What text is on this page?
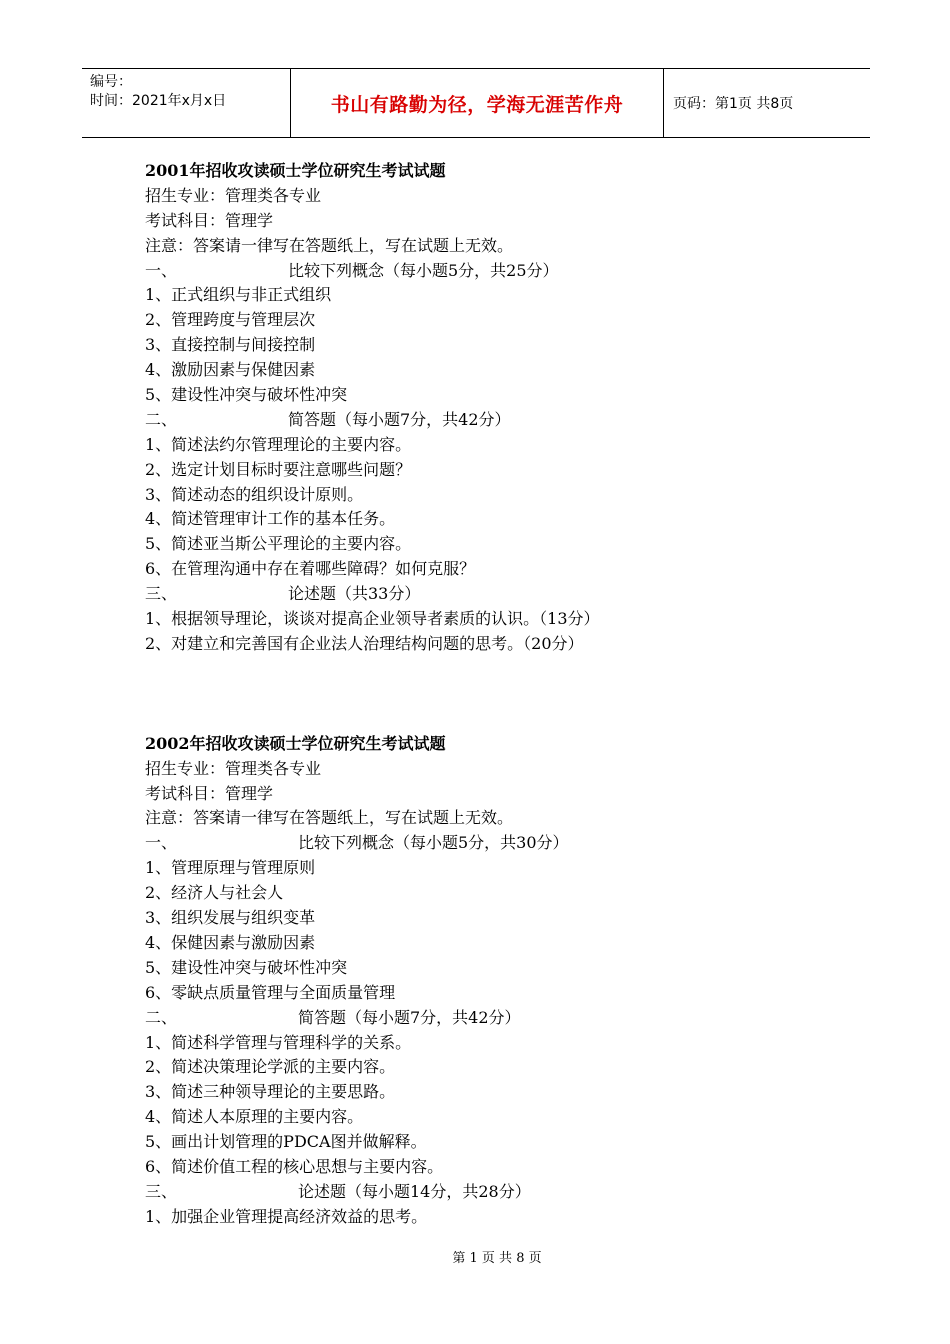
编号：
时间：2021年x月x日	书山有路勤为径，学海无涯苦作舟	页码：第1页 共8页
2001年招收攻读硕士学位研究生考试试题
招生专业：管理类各专业
考试科目：管理学
注意：答案请一律写在答题纸上，写在试题上无效。
一、	比较下列概念（每小题5分，共25分）
1、正式组织与非正式组织
2、管理跨度与管理层次
3、直接控制与间接控制
4、激励因素与保健因素
5、建设性冲突与破坏性冲突
二、	简答题（每小题7分，共42分）
1、简述法约尔管理理论的主要内容。
2、选定计划目标时要注意哪些问题？
3、简述动态的组织设计原则。
4、简述管理审计工作的基本任务。
5、简述亚当斯公平理论的主要内容。
6、在管理沟通中存在着哪些障碍？如何克服？
三、	论述题（共33分）
1、根据领导理论，谈谈对提高企业领导者素质的认识。（13分）
2、对建立和完善国有企业法人治理结构问题的思考。（20分）
2002年招收攻读硕士学位研究生考试试题
招生专业：管理类各专业
考试科目：管理学
注意：答案请一律写在答题纸上，写在试题上无效。
一、	比较下列概念（每小题5分，共30分）
1、管理原理与管理原则
2、经济人与社会人
3、组织发展与组织变革
4、保健因素与激励因素
5、建设性冲突与破坏性冲突
6、零缺点质量管理与全面质量管理
二、	简答题（每小题7分，共42分）
1、简述科学管理与管理科学的关系。
2、简述决策理论学派的主要内容。
3、简述三种领导理论的主要思路。
4、简述人本原理的主要内容。
5、画出计划管理的PDCA图并做解释。
6、简述价值工程的核心思想与主要内容。
三、	论述题（每小题14分，共28分）
1、加强企业管理提高经济效益的思考。
第 1 页 共 8 页
